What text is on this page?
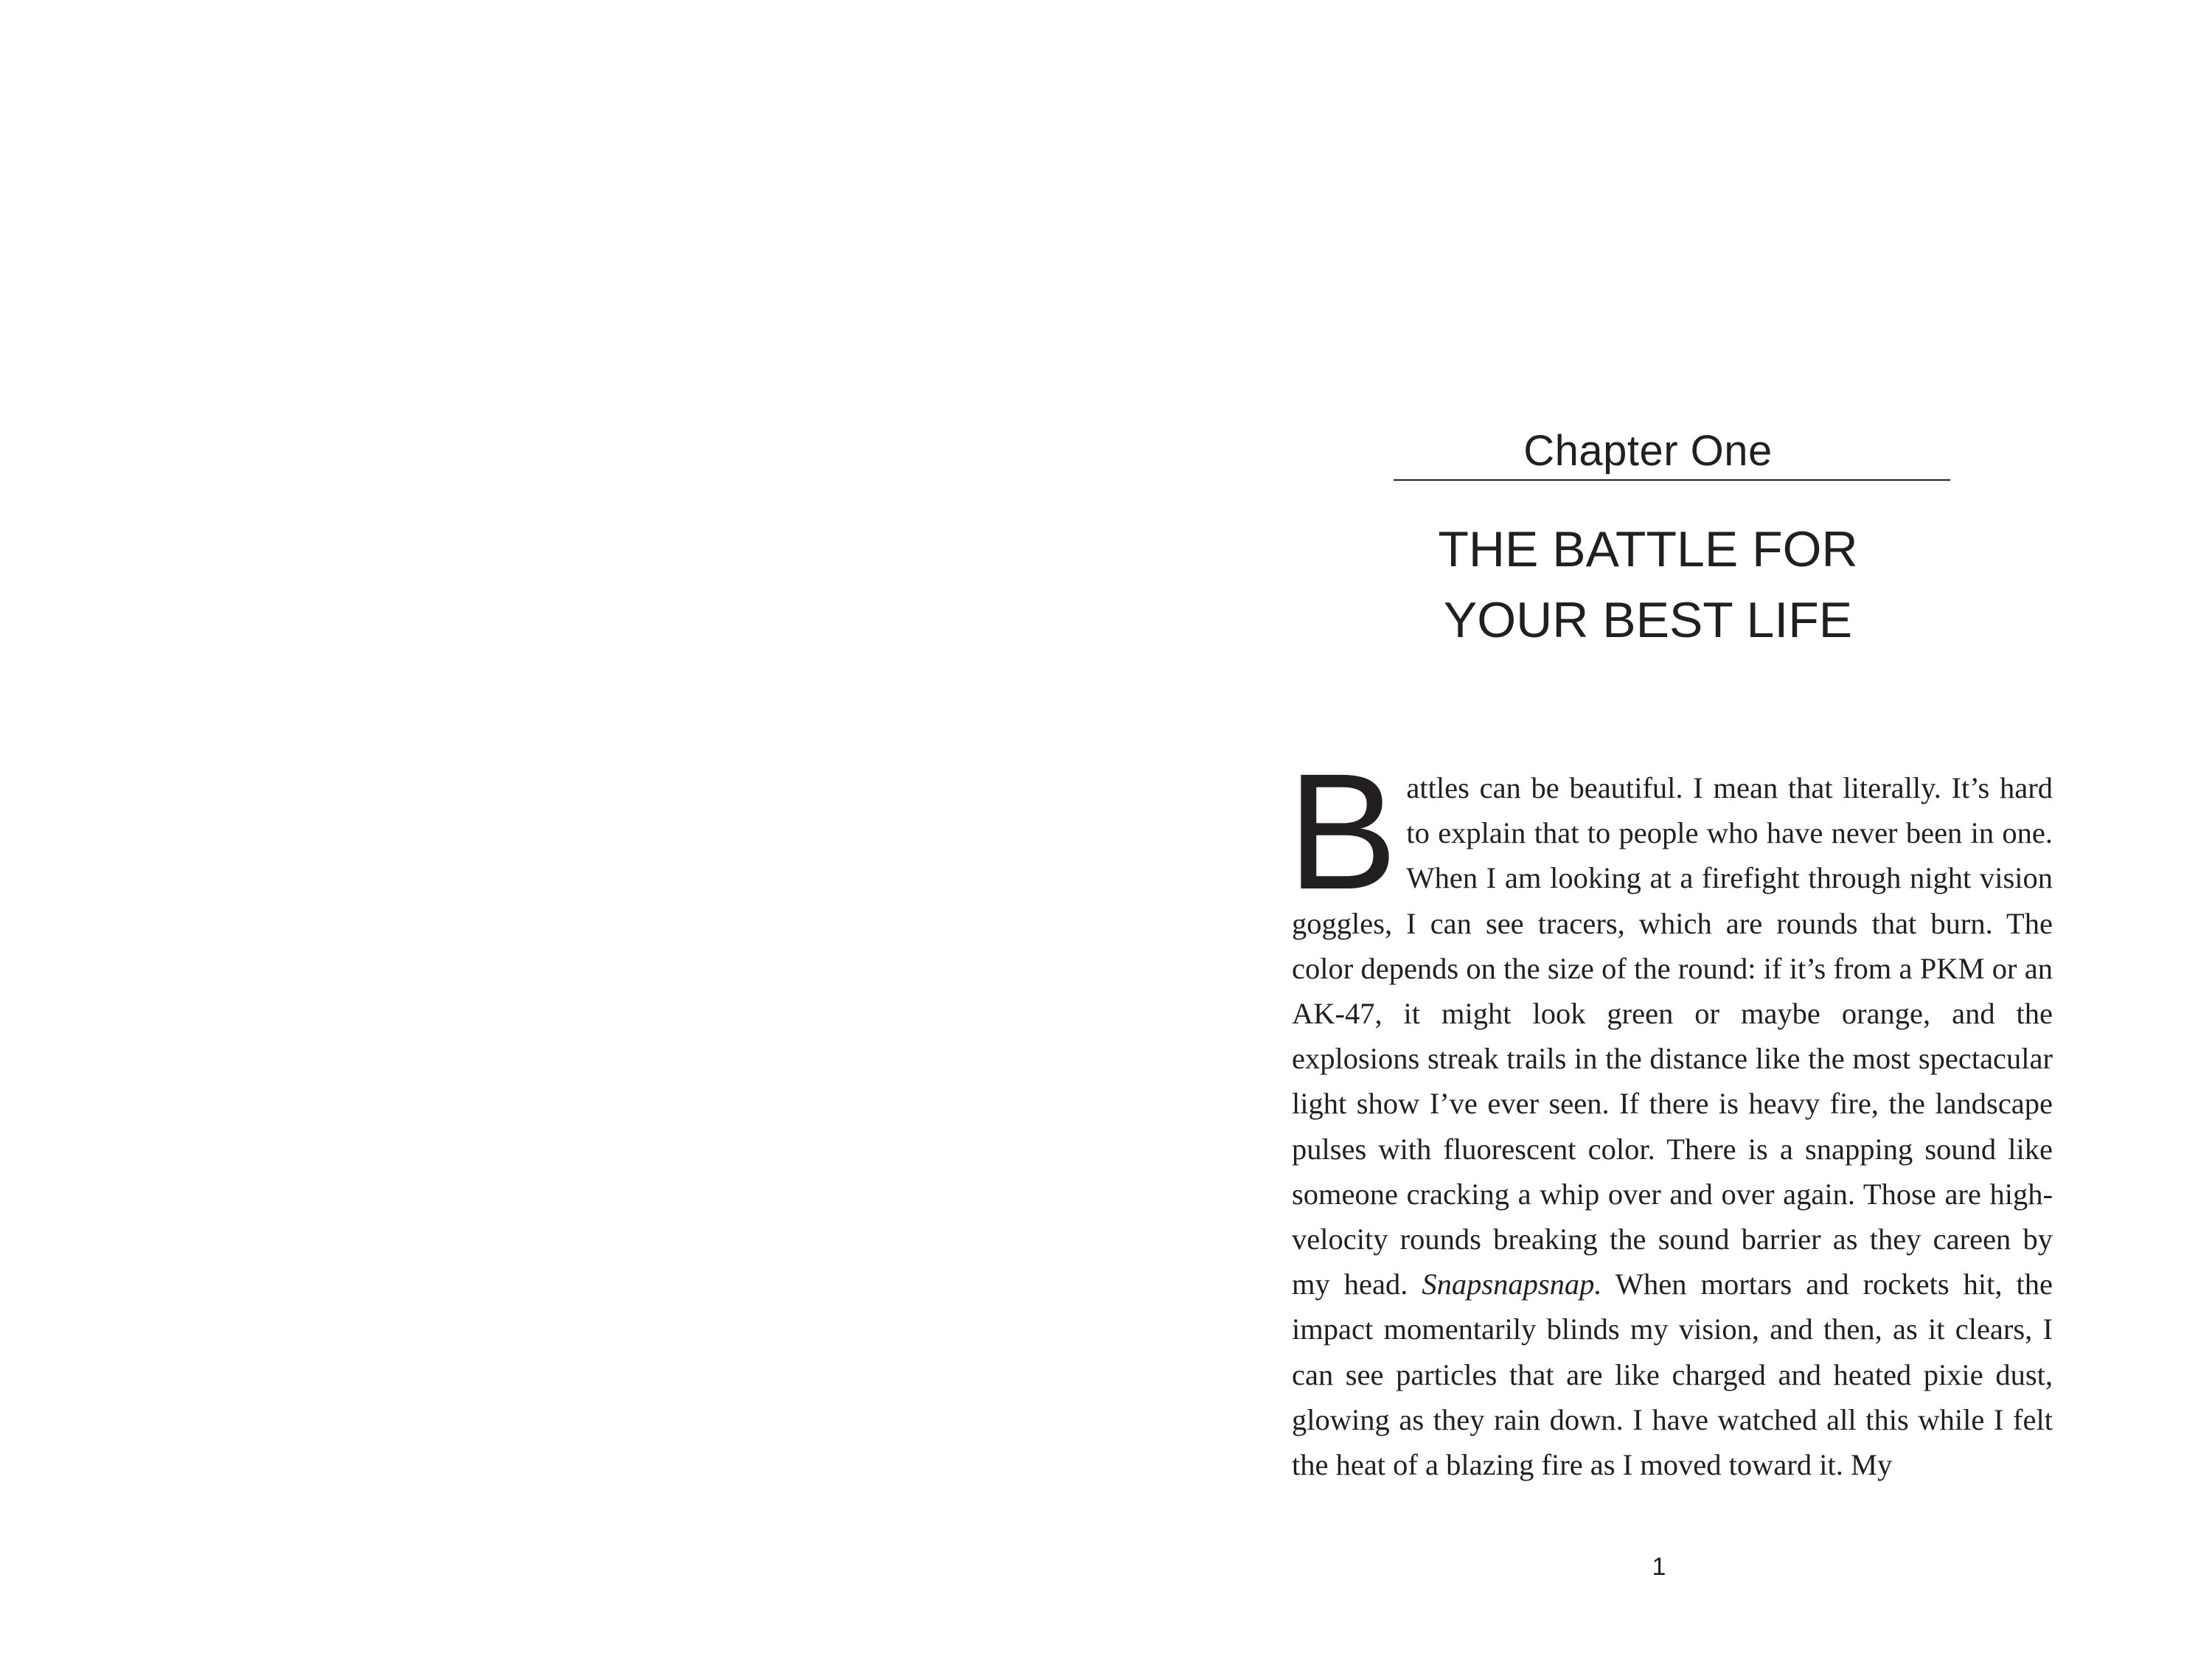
Chapter One
THE BATTLE FOR
YOUR BEST LIFE
Battles can be beautiful. I mean that literally. It’s hard to explain that to people who have never been in one. When I am looking at a firefight through night vision goggles, I can see tracers, which are rounds that burn. The color depends on the size of the round: if it’s from a PKM or an AK-47, it might look green or maybe orange, and the explosions streak trails in the distance like the most spectacular light show I’ve ever seen. If there is heavy fire, the landscape pulses with fluorescent color. There is a snapping sound like someone cracking a whip over and over again. Those are high-velocity rounds breaking the sound barrier as they careen by my head. Snapsnapsnap. When mortars and rockets hit, the impact momentarily blinds my vision, and then, as it clears, I can see particles that are like charged and heated pixie dust, glowing as they rain down. I have watched all this while I felt the heat of a blazing fire as I moved toward it. My
1
